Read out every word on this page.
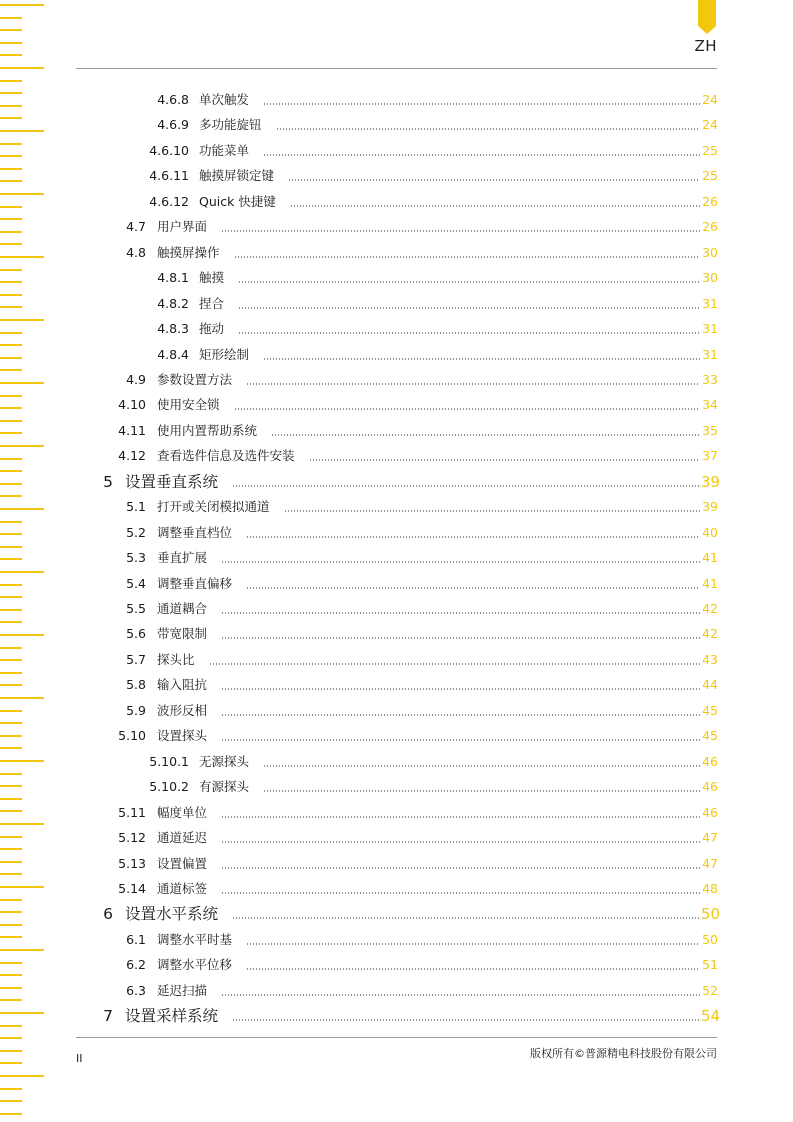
ZH
4.6.8 单次触发	24
4.6.9 多功能旋钮	24
4.6.10 功能菜单	25
4.6.11 触摸屏锁定键	25
4.6.12 Quick 快捷键	26
4.7 用户界面	26
4.8 触摸屏操作	30
4.8.1 触摸	30
4.8.2 捏合	31
4.8.3 拖动	31
4.8.4 矩形绘制	31
4.9 参数设置方法	33
4.10 使用安全锁	34
4.11 使用内置帮助系统	35
4.12 查看选件信息及选件安装	37
5 设置垂直系统	39
5.1 打开或关闭模拟通道	39
5.2 调整垂直档位	40
5.3 垂直扩展	41
5.4 调整垂直偏移	41
5.5 通道耦合	42
5.6 带宽限制	42
5.7 探头比	43
5.8 输入阻抗	44
5.9 波形反相	45
5.10 设置探头	45
5.10.1 无源探头	46
5.10.2 有源探头	46
5.11 幅度单位	46
5.12 通道延迟	47
5.13 设置偏置	47
5.14 通道标签	48
6 设置水平系统	50
6.1 调整水平时基	50
6.2 调整水平位移	51
6.3 延迟扫描	52
7 设置采样系统	54
II	版权所有©普源精电科技股份有限公司
